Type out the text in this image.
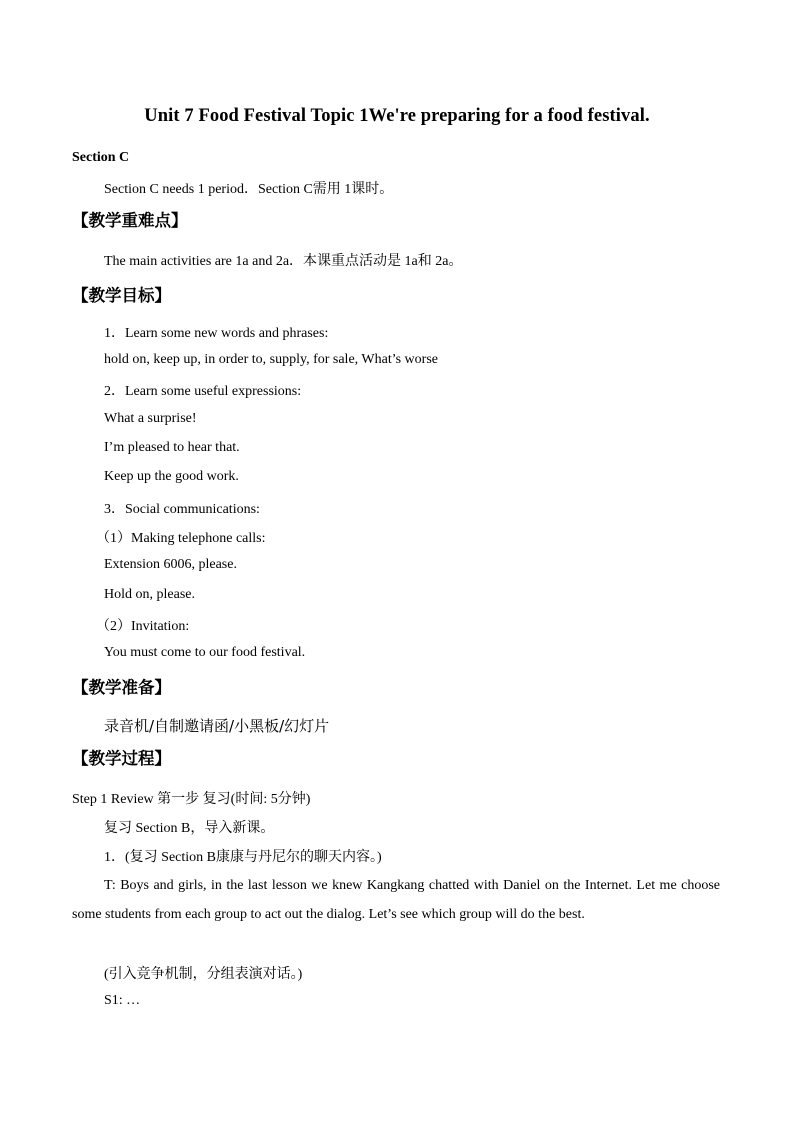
Unit 7 Food Festival Topic 1We're preparing for a food festival.
Section C
Section C needs 1 period．Section C需用 1课时。
【教学重难点】
The main activities are 1a and 2a．本课重点活动是 1a和 2a。
【教学目标】
1．Learn some new words and phrases:
hold on, keep up, in order to, supply, for sale, What’s worse
2．Learn some useful expressions:
What a surprise!
I’m pleased to hear that.
Keep up the good work.
3．Social communications:
（1）Making telephone calls:
Extension 6006, please.
Hold on, please.
（2）Invitation:
You must come to our food festival.
【教学准备】
录音机/自制邀请函/小黑板/幻灯片
【教学过程】
Step 1 Review 第一步 复习(时间: 5分钟)
复习 Section B，导入新课。
1．(复习 Section B康康与丹尼尔的聊天内容。)
T: Boys and girls, in the last lesson we knew Kangkang chatted with Daniel on the Internet. Let me choose some students from each group to act out the dialog. Let’s see which group will do the best.
(引入竞争机制，分组表演对话。)
S1: …
